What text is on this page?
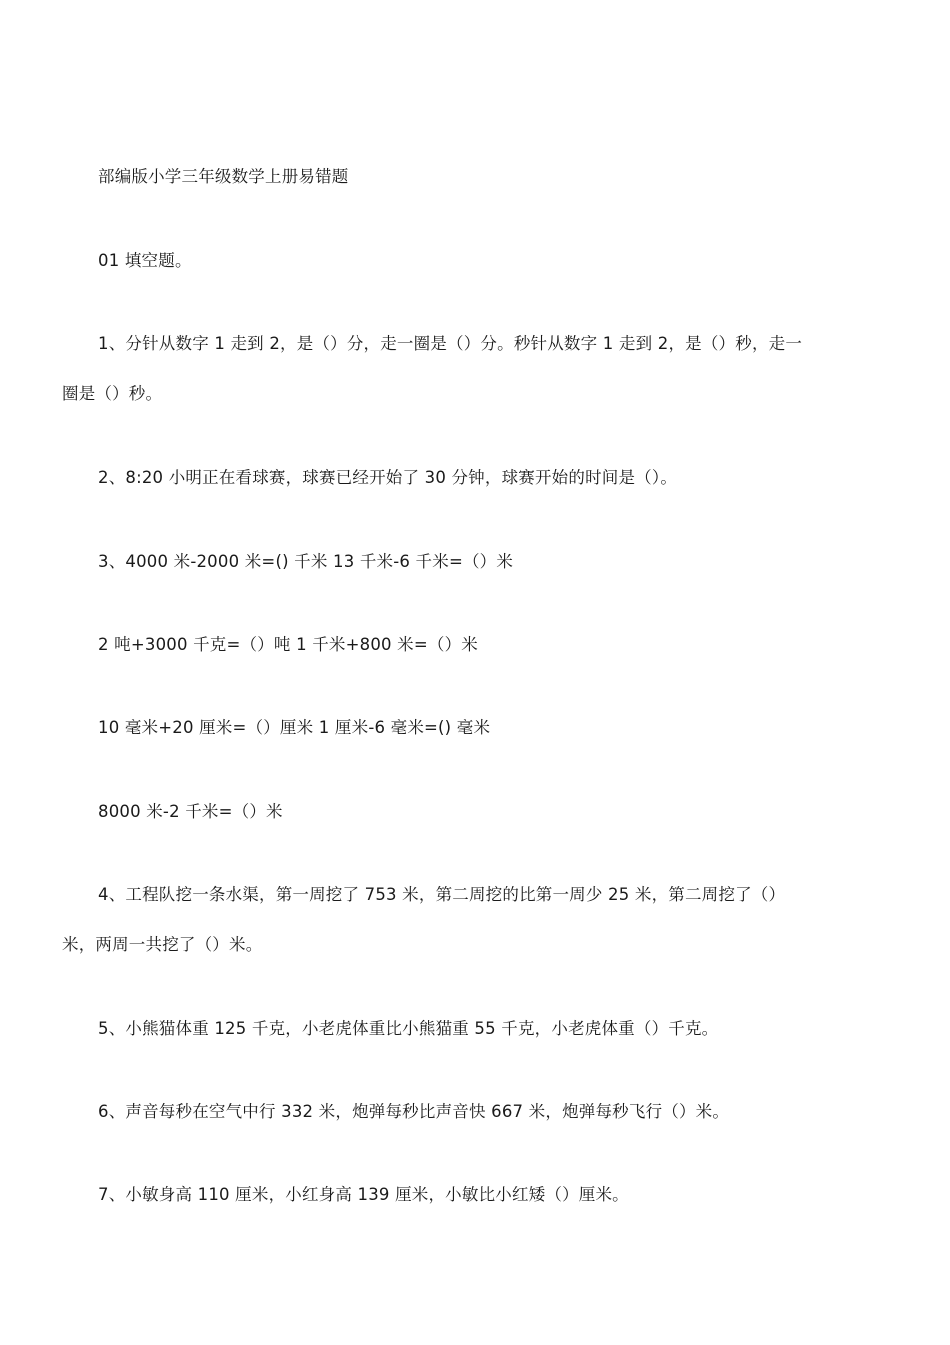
部编版小学三年级数学上册易错题
01 填空题。
1、分针从数字 1 走到 2，是（）分，走一圈是（）分。秒针从数字 1 走到 2，是（）秒，走一
圈是（）秒。
2、8:20 小明正在看球赛，球赛已经开始了 30 分钟，球赛开始的时间是（）。
3、4000 米-2000 米=() 千米 13 千米-6 千米=（）米
2 吨+3000 千克=（）吨 1 千米+800 米=（）米
10 毫米+20 厘米=（）厘米 1 厘米-6 毫米=() 毫米
8000 米-2 千米=（）米
4、工程队挖一条水渠，第一周挖了 753 米，第二周挖的比第一周少 25 米，第二周挖了（）
米，两周一共挖了（）米。
5、小熊猫体重 125 千克，小老虎体重比小熊猫重 55 千克，小老虎体重（）千克。
6、声音每秒在空气中行 332 米，炮弹每秒比声音快 667 米，炮弹每秒飞行（）米。
7、小敏身高 110 厘米，小红身高 139 厘米，小敏比小红矮（）厘米。
